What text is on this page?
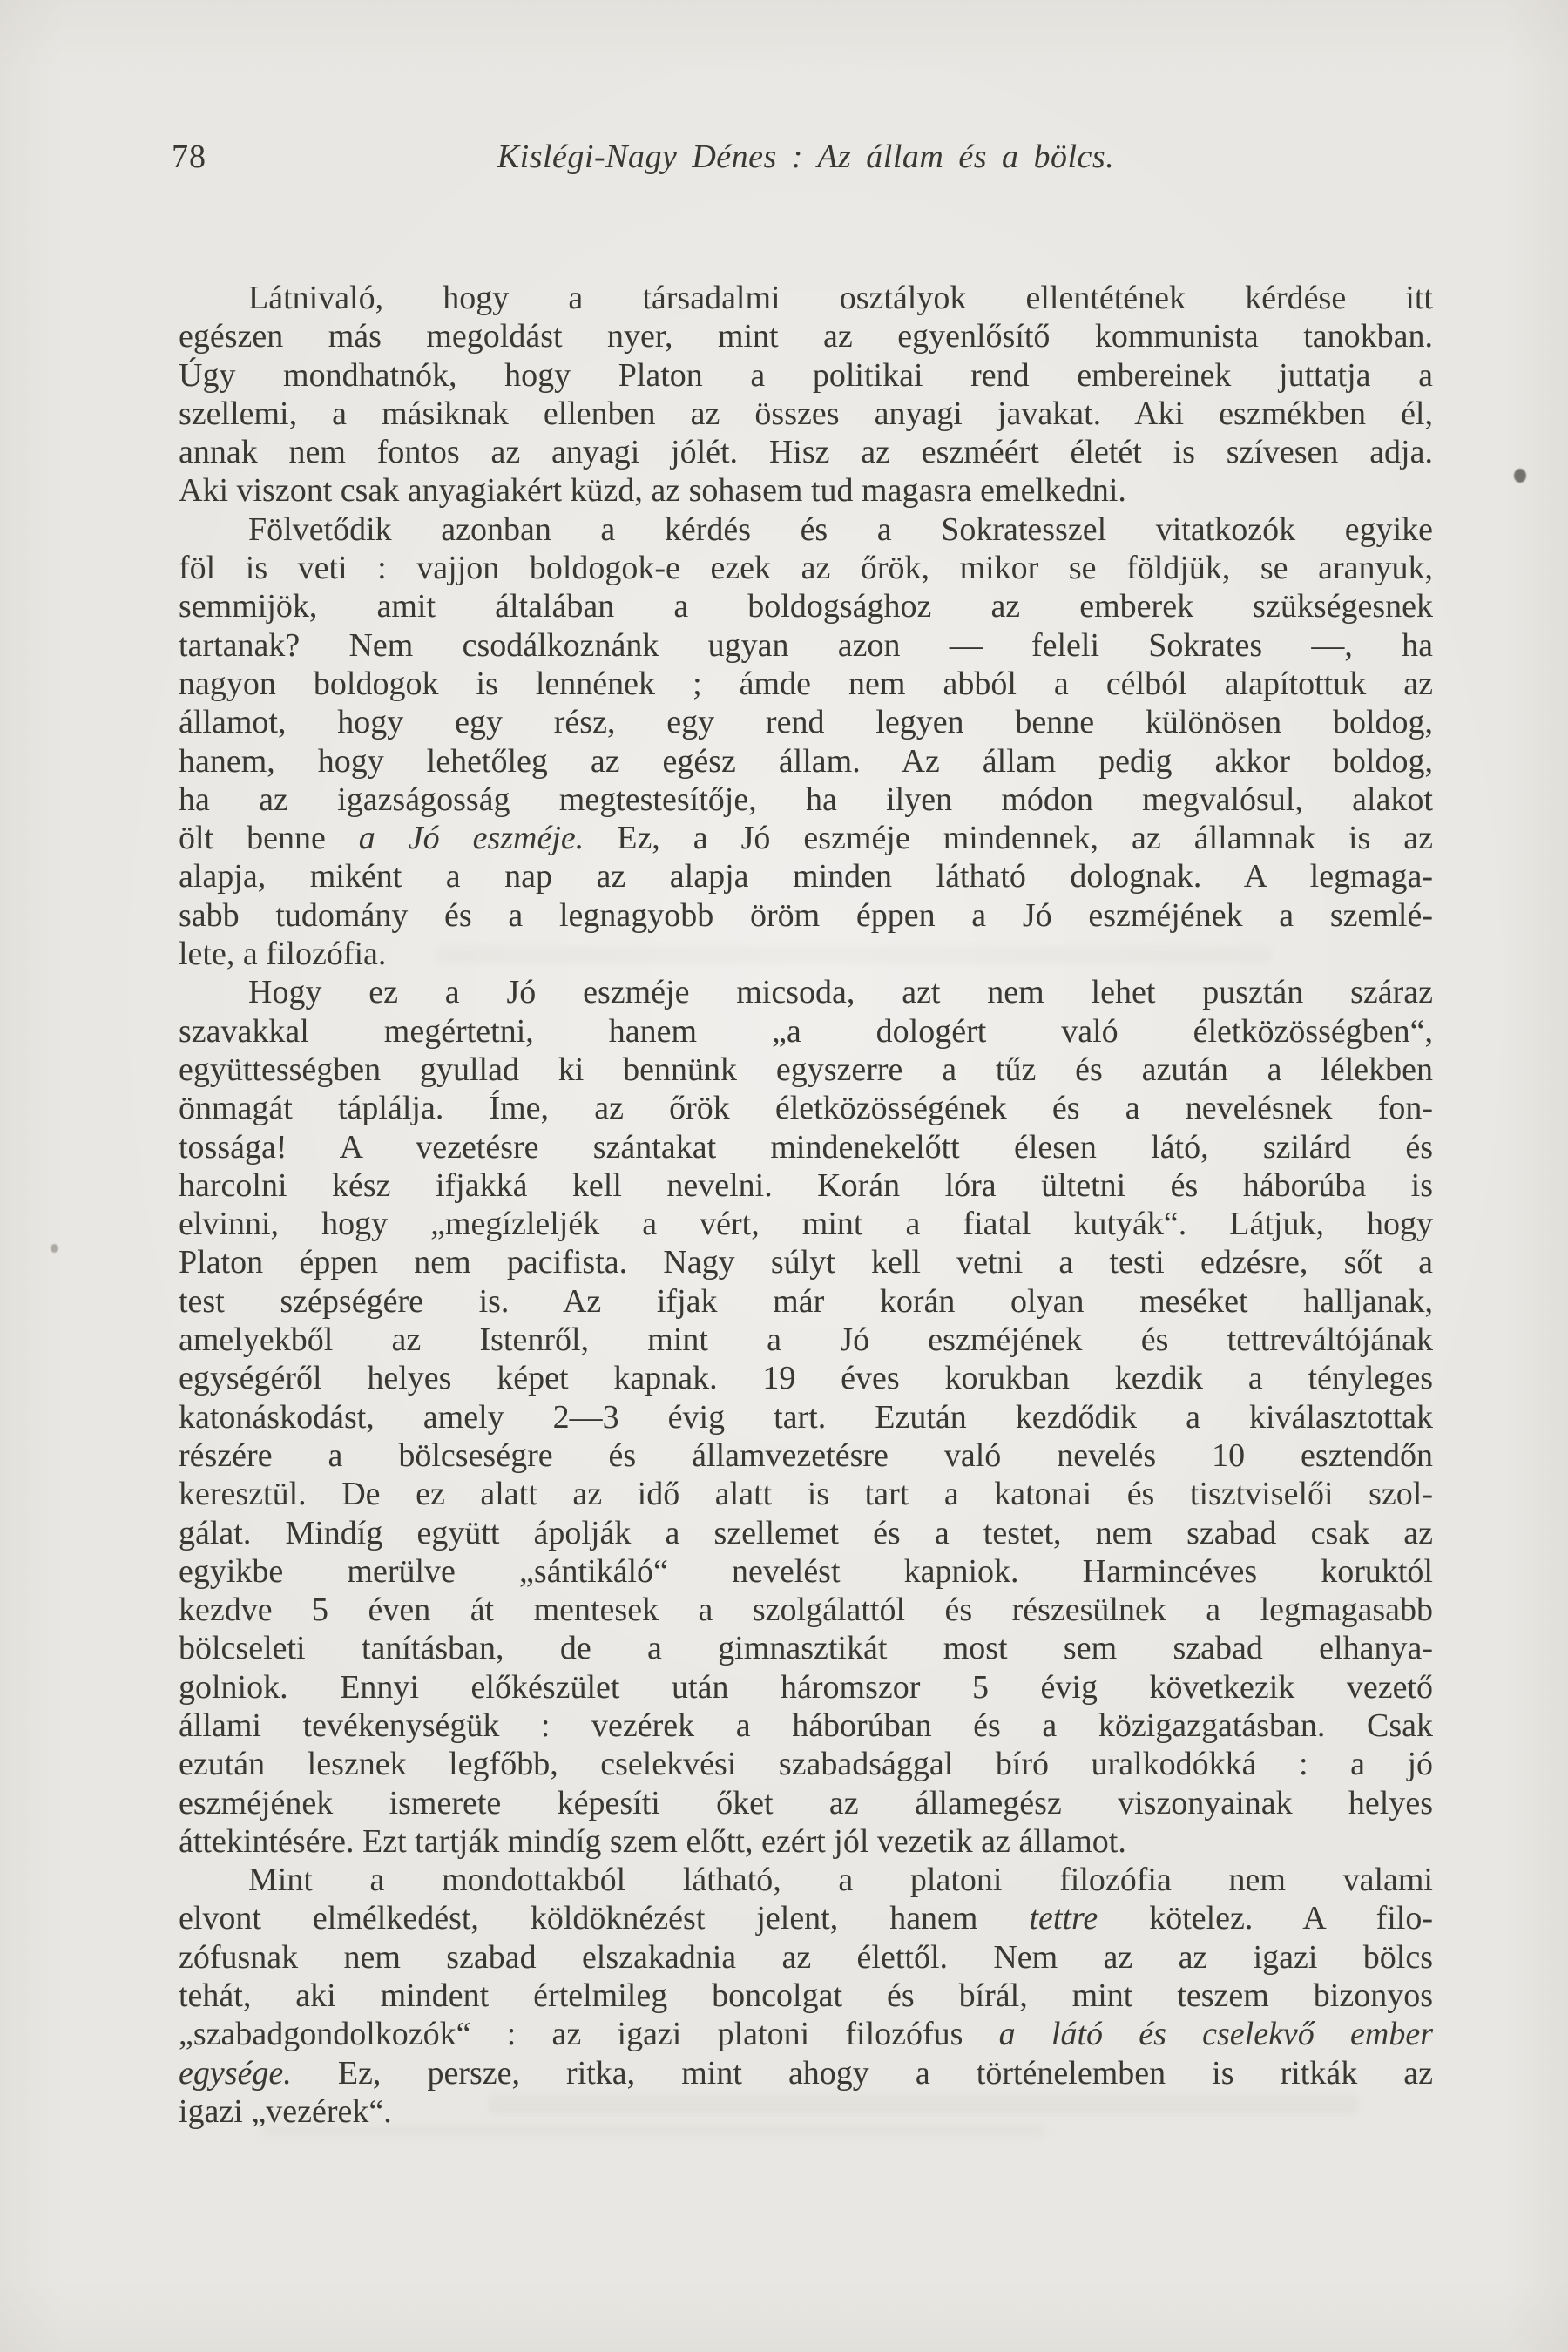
78	Kislégi-Nagy Dénes : Az állam és a bölcs.
Látnivaló, hogy a társadalmi osztályok ellentétének kérdése itt
egészen más megoldást nyer, mint az egyenlősítő kommunista tanokban.
Úgy mondhatnók, hogy Platon a politikai rend embereinek juttatja a
szellemi, a másiknak ellenben az összes anyagi javakat. Aki eszmékben él,
annak nem fontos az anyagi jólét. Hisz az eszméért életét is szívesen adja.
Aki viszont csak anyagiakért küzd, az sohasem tud magasra emelkedni.
Fölvetődik azonban a kérdés és a Sokratesszel vitatkozók egyike
föl is veti : vajjon boldogok-e ezek az őrök, mikor se földjük, se aranyuk,
semmijök, amit általában a boldogsághoz az emberek szükségesnek
tartanak? Nem csodálkoznánk ugyan azon — feleli Sokrates —, ha
nagyon boldogok is lennének ; ámde nem abból a célból alapítottuk az
államot, hogy egy rész, egy rend legyen benne különösen boldog,
hanem, hogy lehetőleg az egész állam. Az állam pedig akkor boldog,
ha az igazságosság megtestesítője, ha ilyen módon megvalósul, alakot
ölt benne a Jó eszméje. Ez, a Jó eszméje mindennek, az államnak is az
alapja, miként a nap az alapja minden látható dolognak. A legmaga-
sabb tudomány és a legnagyobb öröm éppen a Jó eszméjének a szemlé-
lete, a filozófia.
Hogy ez a Jó eszméje micsoda, azt nem lehet pusztán száraz
szavakkal megértetni, hanem „a dologért való életközösségben“,
együttességben gyullad ki bennünk egyszerre a tűz és azután a lélekben
önmagát táplálja. Íme, az őrök életközösségének és a nevelésnek fon-
tossága! A vezetésre szántakat mindenekelőtt élesen látó, szilárd és
harcolni kész ifjakká kell nevelni. Korán lóra ültetni és háborúba is
elvinni, hogy „megízleljék a vért, mint a fiatal kutyák“. Látjuk, hogy
Platon éppen nem pacifista. Nagy súlyt kell vetni a testi edzésre, sőt a
test szépségére is. Az ifjak már korán olyan meséket halljanak,
amelyekből az Istenről, mint a Jó eszméjének és tettreváltójának
egységéről helyes képet kapnak. 19 éves korukban kezdik a tényleges
katonáskodást, amely 2—3 évig tart. Ezután kezdődik a kiválasztottak
részére a bölcseségre és államvezetésre való nevelés 10 esztendőn
keresztül. De ez alatt az idő alatt is tart a katonai és tisztviselői szol-
gálat. Mindíg együtt ápolják a szellemet és a testet, nem szabad csak az
egyikbe merülve „sántikáló“ nevelést kapniok. Harmincéves koruktól
kezdve 5 éven át mentesek a szolgálattól és részesülnek a legmagasabb
bölcseleti tanításban, de a gimnasztikát most sem szabad elhanya-
golniok. Ennyi előkészület után háromszor 5 évig következik vezető
állami tevékenységük : vezérek a háborúban és a közigazgatásban. Csak
ezután lesznek legfőbb, cselekvési szabadsággal bíró uralkodókká : a jó
eszméjének ismerete képesíti őket az államegész viszonyainak helyes
áttekintésére. Ezt tartják mindíg szem előtt, ezért jól vezetik az államot.
Mint a mondottakból látható, a platoni filozófia nem valami
elvont elmélkedést, köldöknézést jelent, hanem tettre kötelez. A filo-
zófusnak nem szabad elszakadnia az élettől. Nem az az igazi bölcs
tehát, aki mindent értelmileg boncolgat és bírál, mint teszem bizonyos
„szabadgondolkozók“ : az igazi platoni filozófus a látó és cselekvő ember
egysége. Ez, persze, ritka, mint ahogy a történelemben is ritkák az
igazi „vezérek“.
